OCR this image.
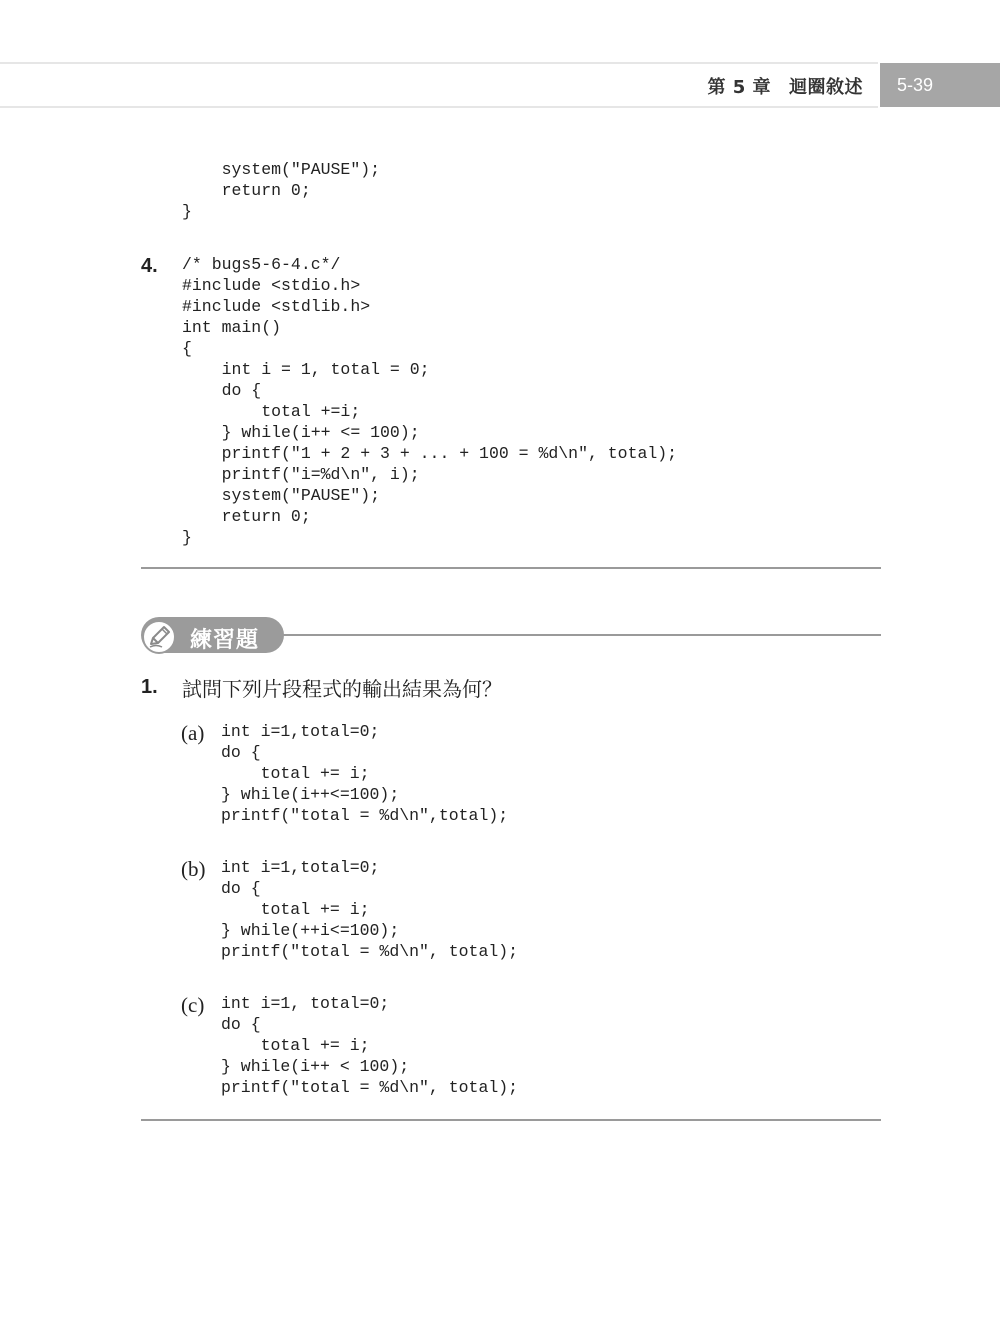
第 5 章 迴圈敘述	5-39
system("PAUSE");
return 0;
}
4. /* bugs5-6-4.c*/
#include <stdio.h>
#include <stdlib.h>
int main()
{
int i = 1, total = 0;
do {
total +=i;
} while(i++ <= 100);
printf("1 + 2 + 3 + ... + 100 = %d\n", total);
printf("i=%d\n", i);
system("PAUSE");
return 0;
}
練習題
1. 試問下列片段程式的輸出結果為何？
(a) int i=1,total=0;
do {
total += i;
} while(i++<=100);
printf("total = %d\n",total);
(b) int i=1,total=0;
do {
total += i;
} while(++i<=100);
printf("total = %d\n", total);
(c) int i=1, total=0;
do {
total += i;
} while(i++ < 100);
printf("total = %d\n", total);
